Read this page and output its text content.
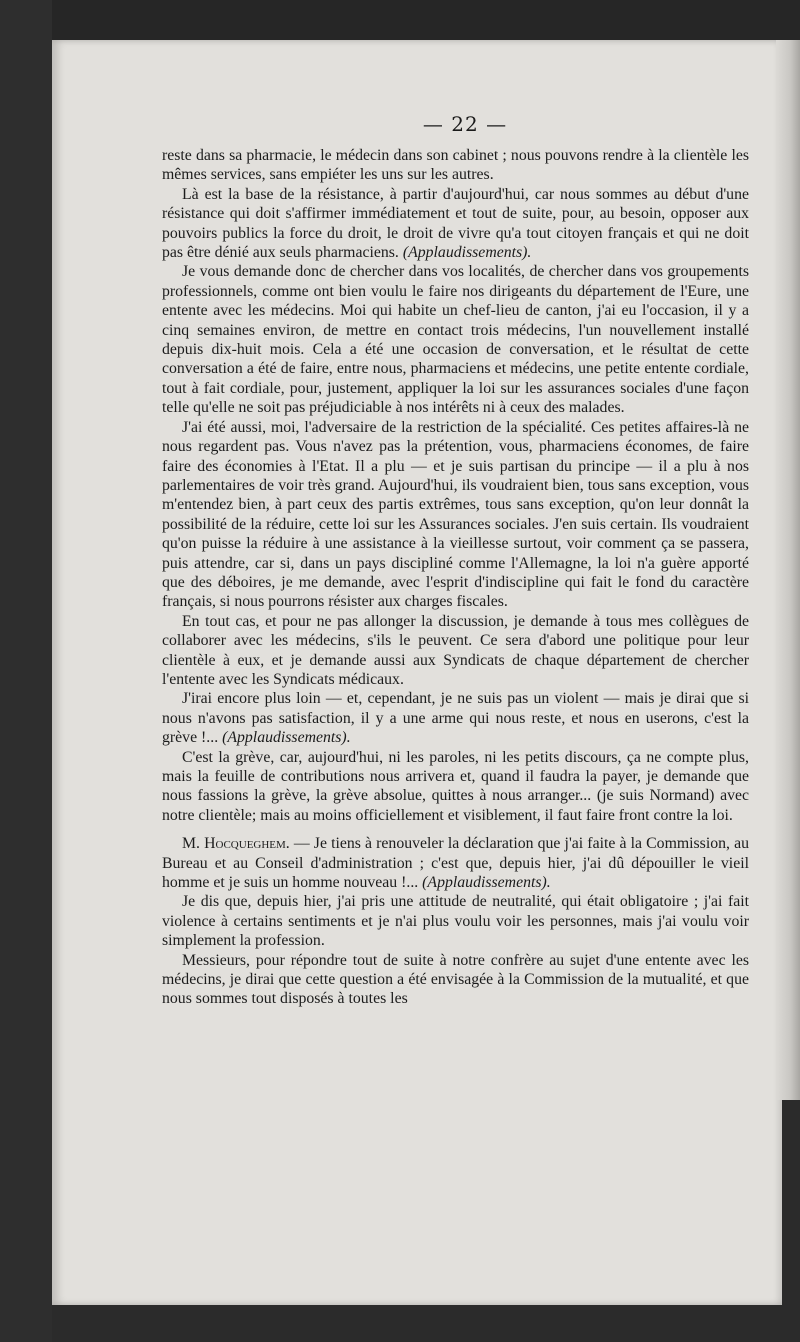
— 22 —

reste dans sa pharmacie, le médecin dans son cabinet ; nous pouvons rendre à la clientèle les mêmes services, sans empiéter les uns sur les autres.

Là est la base de la résistance, à partir d'aujourd'hui, car nous sommes au début d'une résistance qui doit s'affirmer immédiatement et tout de suite, pour, au besoin, opposer aux pouvoirs publics la force du droit, le droit de vivre qu'a tout citoyen français et qui ne doit pas être dénié aux seuls pharmaciens. (Applaudissements).

Je vous demande donc de chercher dans vos localités, de chercher dans vos groupements professionnels, comme ont bien voulu le faire nos dirigeants du département de l'Eure, une entente avec les médecins. Moi qui habite un chef-lieu de canton, j'ai eu l'occasion, il y a cinq semaines environ, de mettre en contact trois médecins, l'un nouvellement installé depuis dix-huit mois. Cela a été une occasion de conversation, et le résultat de cette conversation a été de faire, entre nous, pharmaciens et médecins, une petite entente cordiale, tout à fait cordiale, pour, justement, appliquer la loi sur les assurances sociales d'une façon telle qu'elle ne soit pas préjudiciable à nos intérêts ni à ceux des malades.

J'ai été aussi, moi, l'adversaire de la restriction de la spécialité. Ces petites affaires-là ne nous regardent pas. Vous n'avez pas la prétention, vous, pharmaciens économes, de faire faire des économies à l'Etat. Il a plu — et je suis partisan du principe — il a plu à nos parlementaires de voir très grand. Aujourd'hui, ils voudraient bien, tous sans exception, vous m'entendez bien, à part ceux des partis extrêmes, tous sans exception, qu'on leur donnât la possibilité de la réduire, cette loi sur les Assurances sociales. J'en suis certain. Ils voudraient qu'on puisse la réduire à une assistance à la vieillesse surtout, voir comment ça se passera, puis attendre, car si, dans un pays discipliné comme l'Allemagne, la loi n'a guère apporté que des déboires, je me demande, avec l'esprit d'indiscipline qui fait le fond du caractère français, si nous pourrons résister aux charges fiscales.

En tout cas, et pour ne pas allonger la discussion, je demande à tous mes collègues de collaborer avec les médecins, s'ils le peuvent. Ce sera d'abord une politique pour leur clientèle à eux, et je demande aussi aux Syndicats de chaque département de chercher l'entente avec les Syndicats médicaux.

J'irai encore plus loin — et, cependant, je ne suis pas un violent — mais je dirai que si nous n'avons pas satisfaction, il y a une arme qui nous reste, et nous en userons, c'est la grève !... (Applaudissements).

C'est la grève, car, aujourd'hui, ni les paroles, ni les petits discours, ça ne compte plus, mais la feuille de contributions nous arrivera et, quand il faudra la payer, je demande que nous fassions la grève, la grève absolue, quittes à nous arranger... (je suis Normand) avec notre clientèle; mais au moins officiellement et visiblement, il faut faire front contre la loi.

M. Hocqueghem. — Je tiens à renouveler la déclaration que j'ai faite à la Commission, au Bureau et au Conseil d'administration ; c'est que, depuis hier, j'ai dû dépouiller le vieil homme et je suis un homme nouveau !... (Applaudissements).

Je dis que, depuis hier, j'ai pris une attitude de neutralité, qui était obligatoire ; j'ai fait violence à certains sentiments et je n'ai plus voulu voir les personnes, mais j'ai voulu voir simplement la profession.

Messieurs, pour répondre tout de suite à notre confrère au sujet d'une entente avec les médecins, je dirai que cette question a été envisagée à la Commission de la mutualité, et que nous sommes tout disposés à toutes les
